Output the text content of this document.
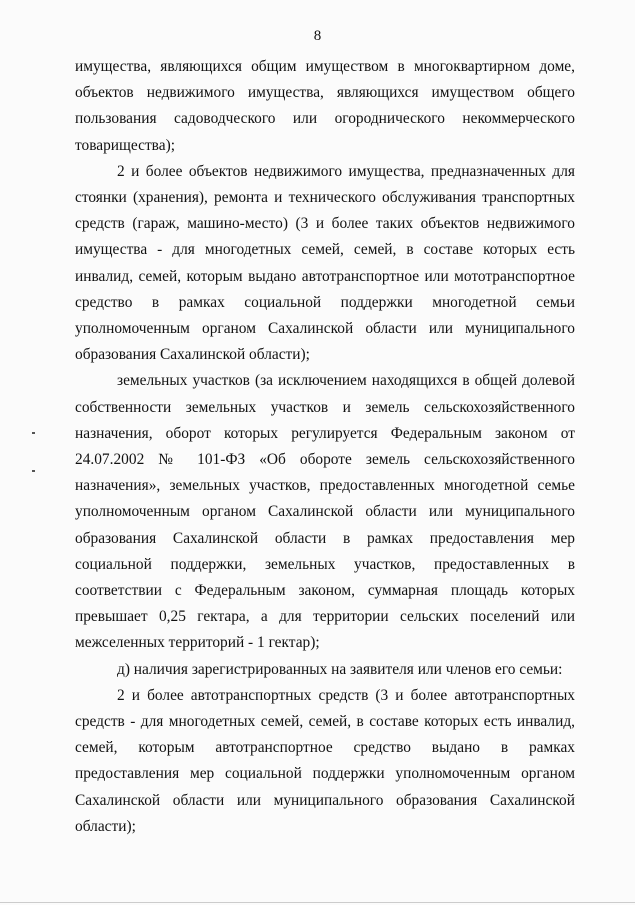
8

имущества, являющихся общим имуществом в многоквартирном доме, объектов недвижимого имущества, являющихся имуществом общего пользования садоводческого или огороднического некоммерческого товарищества);

2 и более объектов недвижимого имущества, предназначенных для стоянки (хранения), ремонта и технического обслуживания транспортных средств (гараж, машино-место) (3 и более таких объектов недвижимого имущества - для многодетных семей, семей, в составе которых есть инвалид, семей, которым выдано автотранспортное или мототранспортное средство в рамках социальной поддержки многодетной семьи уполномоченным органом Сахалинской области или муниципального образования Сахалинской области);

земельных участков (за исключением находящихся в общей долевой собственности земельных участков и земель сельскохозяйственного назначения, оборот которых регулируется Федеральным законом от 24.07.2002 № 101-ФЗ «Об обороте земель сельскохозяйственного назначения», земельных участков, предоставленных многодетной семье уполномоченным органом Сахалинской области или муниципального образования Сахалинской области в рамках предоставления мер социальной поддержки, земельных участков, предоставленных в соответствии с Федеральным законом, суммарная площадь которых превышает 0,25 гектара, а для территории сельских поселений или межселенных территорий - 1 гектар);

д) наличия зарегистрированных на заявителя или членов его семьи:

2 и более автотранспортных средств (3 и более автотранспортных средств - для многодетных семей, семей, в составе которых есть инвалид, семей, которым автотранспортное средство выдано в рамках предоставления мер социальной поддержки уполномоченным органом Сахалинской области или муниципального образования Сахалинской области);
